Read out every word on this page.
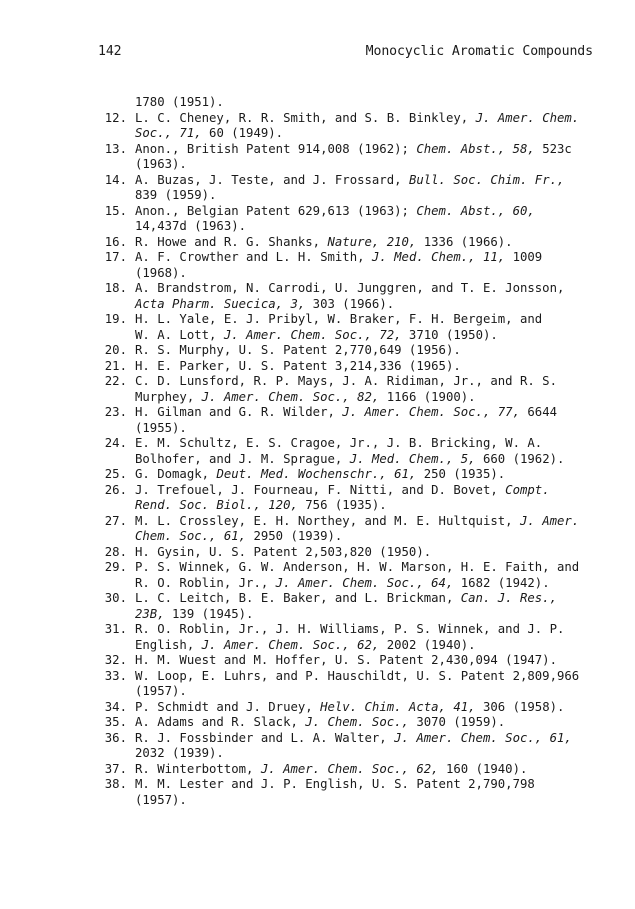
142	Monocyclic Aromatic Compounds
1780 (1951).
12. L. C. Cheney, R. R. Smith, and S. B. Binkley, J. Amer. Chem.
Soc., 71, 60 (1949).
13. Anon., British Patent 914,008 (1962); Chem. Abst., 58, 523c
(1963).
14. A. Buzas, J. Teste, and J. Frossard, Bull. Soc. Chim. Fr.,
839 (1959).
15. Anon., Belgian Patent 629,613 (1963); Chem. Abst., 60,
14,437d (1963).
16. R. Howe and R. G. Shanks, Nature, 210, 1336 (1966).
17. A. F. Crowther and L. H. Smith, J. Med. Chem., 11, 1009
(1968).
18. A. Brandstrom, N. Carrodi, U. Junggren, and T. E. Jonsson,
Acta Pharm. Suecica, 3, 303 (1966).
19. H. L. Yale, E. J. Pribyl, W. Braker, F. H. Bergeim, and
W. A. Lott, J. Amer. Chem. Soc., 72, 3710 (1950).
20. R. S. Murphy, U. S. Patent 2,770,649 (1956).
21. H. E. Parker, U. S. Patent 3,214,336 (1965).
22. C. D. Lunsford, R. P. Mays, J. A. Ridiman, Jr., and R. S.
Murphey, J. Amer. Chem. Soc., 82, 1166 (1900).
23. H. Gilman and G. R. Wilder, J. Amer. Chem. Soc., 77, 6644
(1955).
24. E. M. Schultz, E. S. Cragoe, Jr., J. B. Bricking, W. A.
Bolhofer, and J. M. Sprague, J. Med. Chem., 5, 660 (1962).
25. G. Domagk, Deut. Med. Wochenschr., 61, 250 (1935).
26. J. Trefouel, J. Fourneau, F. Nitti, and D. Bovet, Compt.
Rend. Soc. Biol., 120, 756 (1935).
27. M. L. Crossley, E. H. Northey, and M. E. Hultquist, J. Amer.
Chem. Soc., 61, 2950 (1939).
28. H. Gysin, U. S. Patent 2,503,820 (1950).
29. P. S. Winnek, G. W. Anderson, H. W. Marson, H. E. Faith, and
R. O. Roblin, Jr., J. Amer. Chem. Soc., 64, 1682 (1942).
30. L. C. Leitch, B. E. Baker, and L. Brickman, Can. J. Res.,
23B, 139 (1945).
31. R. O. Roblin, Jr., J. H. Williams, P. S. Winnek, and J. P.
English, J. Amer. Chem. Soc., 62, 2002 (1940).
32. H. M. Wuest and M. Hoffer, U. S. Patent 2,430,094 (1947).
33. W. Loop, E. Luhrs, and P. Hauschildt, U. S. Patent 2,809,966
(1957).
34. P. Schmidt and J. Druey, Helv. Chim. Acta, 41, 306 (1958).
35. A. Adams and R. Slack, J. Chem. Soc., 3070 (1959).
36. R. J. Fossbinder and L. A. Walter, J. Amer. Chem. Soc., 61,
2032 (1939).
37. R. Winterbottom, J. Amer. Chem. Soc., 62, 160 (1940).
38. M. M. Lester and J. P. English, U. S. Patent 2,790,798
(1957).
